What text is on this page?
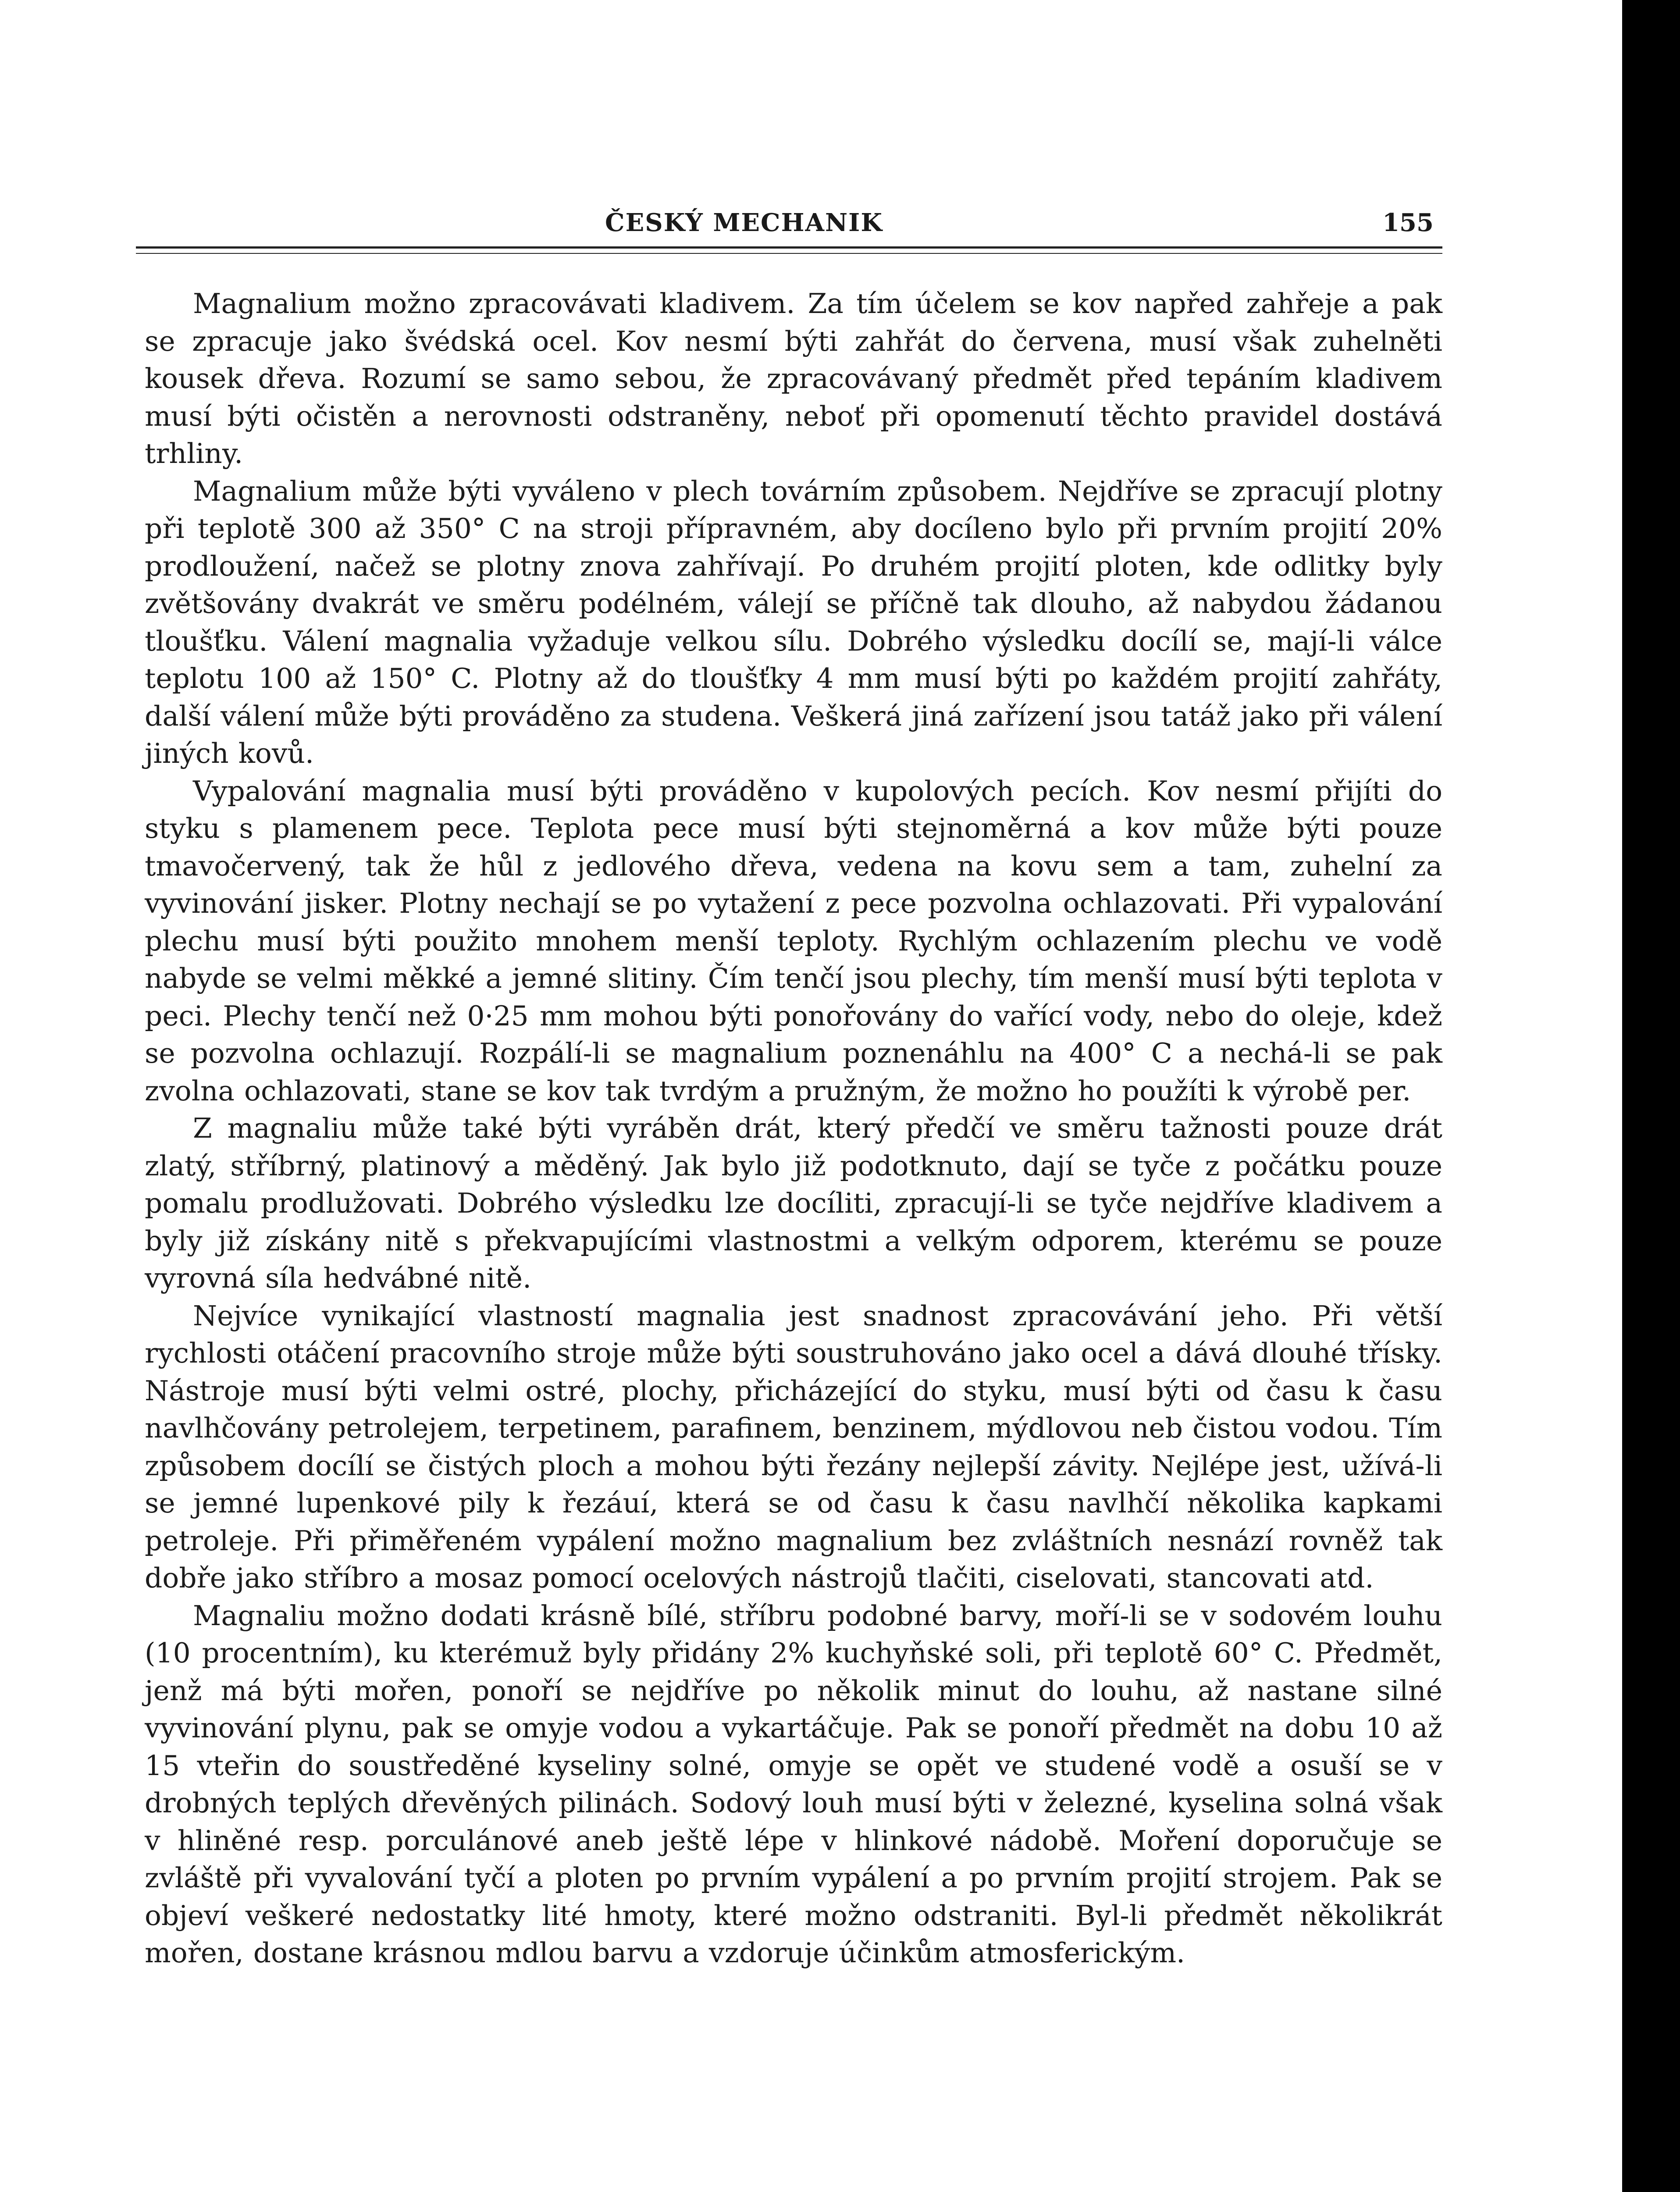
ČESKÝ MECHANIK	155

Magnalium možno zpracovávati kladivem. Za tím účelem se kov napřed zahřeje a pak se zpracuje jako švédská ocel. Kov nesmí býti zahřát do červena, musí však zuhelněti kousek dřeva. Rozumí se samo sebou, že zpracovávaný předmět před tepáním kladivem musí býti očistěn a nerovnosti odstraněny, neboť při opomenutí těchto pravidel dostává trhliny.

Magnalium může býti vyváleno v plech továrním způsobem. Nejdříve se zpracují plotny při teplotě 300 až 350° C na stroji přípravném, aby docíleno bylo při prvním projití 20% prodloužení, načež se plotny znova zahřívají. Po druhém projití ploten, kde odlitky byly zvětšovány dvakrát ve směru podélném, válejí se příčně tak dlouho, až nabydou žádanou tloušťku. Válení magnalia vyžaduje velkou sílu. Dobrého výsledku docílí se, mají-li válce teplotu 100 až 150° C. Plotny až do tloušťky 4 mm musí býti po každém projití zahřáty, další válení může býti prováděno za studena. Veškerá jiná zařízení jsou tatáž jako při válení jiných kovů.

Vypalování magnalia musí býti prováděno v kupolových pecích. Kov nesmí přijíti do styku s plamenem pece. Teplota pece musí býti stejnoměrná a kov může býti pouze tmavočervený, tak že hůl z jedlového dřeva, vedena na kovu sem a tam, zuhelní za vyvinování jisker. Plotny nechají se po vytažení z pece pozvolna ochlazovati. Při vypalování plechu musí býti použito mnohem menší teploty. Rychlým ochlazením plechu ve vodě nabyde se velmi měkké a jemné slitiny. Čím tenčí jsou plechy, tím menší musí býti teplota v peci. Plechy tenčí než 0·25 mm mohou býti ponořovány do vařící vody, nebo do oleje, kdež se pozvolna ochlazují. Rozpálí-li se magnalium poznenáhlu na 400° C a nechá-li se pak zvolna ochlazovati, stane se kov tak tvrdým a pružným, že možno ho použíti k výrobě per.

Z magnaliu může také býti vyráběn drát, který předčí ve směru tažnosti pouze drát zlatý, stříbrný, platinový a měděný. Jak bylo již podotknuto, dají se tyče z počátku pouze pomalu prodlužovati. Dobrého výsledku lze docíliti, zpracují-li se tyče nejdříve kladivem a byly již získány nitě s překvapujícími vlastnostmi a velkým odporem, kterému se pouze vyrovná síla hedvábné nitě.

Nejvíce vynikající vlastností magnalia jest snadnost zpracovávání jeho. Při větší rychlosti otáčení pracovního stroje může býti soustruhováno jako ocel a dává dlouhé třísky. Nástroje musí býti velmi ostré, plochy, přicházející do styku, musí býti od času k času navlhčovány petrolejem, terpetinem, parafinem, benzinem, mýdlovou neb čistou vodou. Tím způsobem docílí se čistých ploch a mohou býti řezány nejlepší závity. Nejlépe jest, užívá-li se jemné lupenkové pily k řezáuí, která se od času k času navlhčí několika kapkami petroleje. Při přiměřeném vypálení možno magnalium bez zvláštních nesnází rovněž tak dobře jako stříbro a mosaz pomocí ocelových nástrojů tlačiti, ciselovati, stancovati atd.

Magnaliu možno dodati krásně bílé, stříbru podobné barvy, moří-li se v sodovém louhu (10 procentním), ku kterémuž byly přidány 2% kuchyňské soli, při teplotě 60° C. Předmět, jenž má býti mořen, ponoří se nejdříve po několik minut do louhu, až nastane silné vyvinování plynu, pak se omyje vodou a vykartáčuje. Pak se ponoří předmět na dobu 10 až 15 vteřin do soustředěné kyseliny solné, omyje se opět ve studené vodě a osuší se v drobných teplých dřevěných pilinách. Sodový louh musí býti v železné, kyselina solná však v hliněné resp. porculánové aneb ještě lépe v hlinkové nádobě. Moření doporučuje se zvláště při vyvalování tyčí a ploten po prvním vypálení a po prvním projití strojem. Pak se objeví veškeré nedostatky lité hmoty, které možno odstraniti. Byl-li předmět několikrát mořen, dostane krásnou mdlou barvu a vzdoruje účinkům atmosferickým.
